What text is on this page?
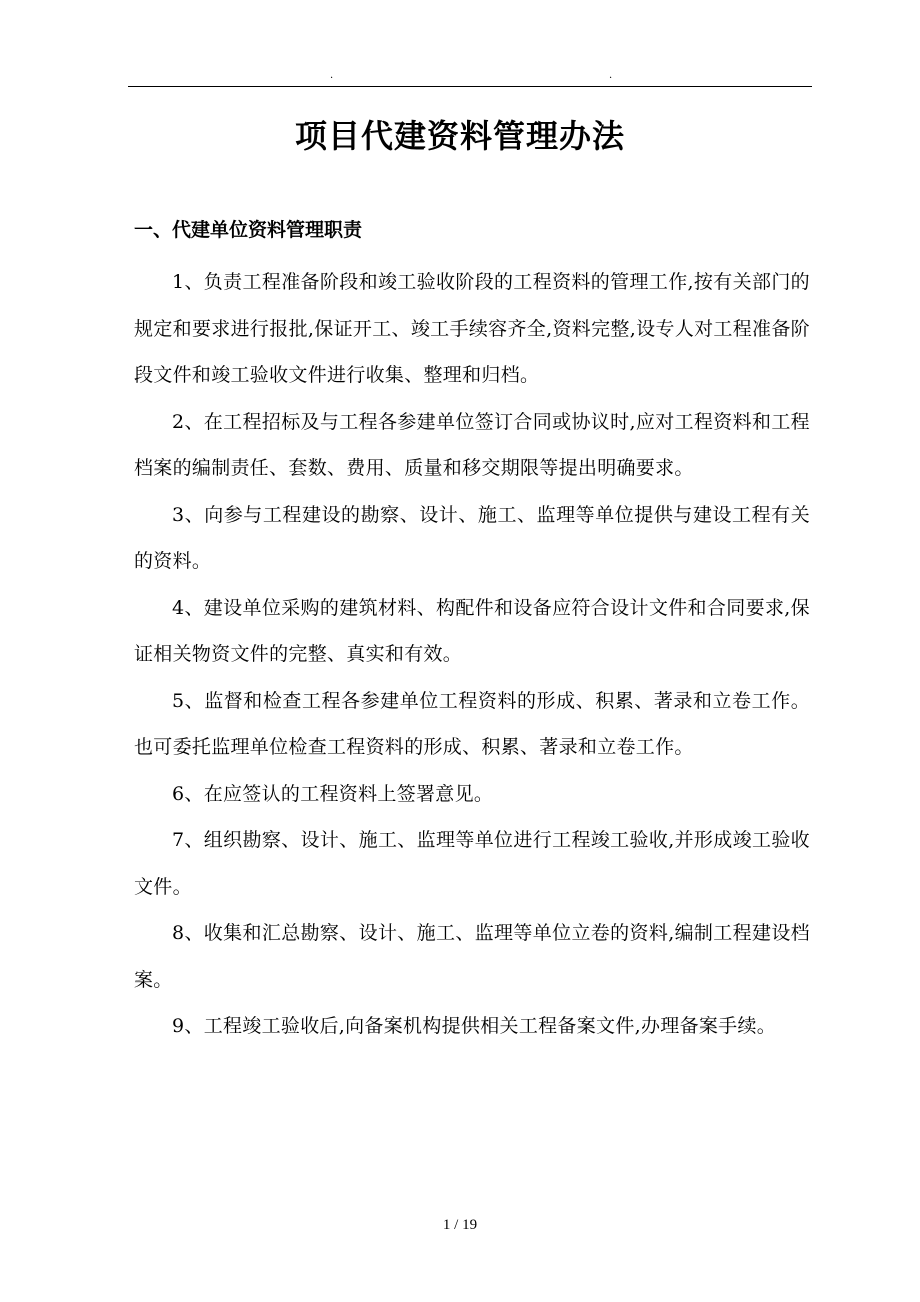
.	.
项目代建资料管理办法
一、代建单位资料管理职责

1、负责工程准备阶段和竣工验收阶段的工程资料的管理工作,按有关部门的规定和要求进行报批,保证开工、竣工手续容齐全,资料完整,设专人对工程准备阶段文件和竣工验收文件进行收集、整理和归档。

2、在工程招标及与工程各参建单位签订合同或协议时,应对工程资料和工程档案的编制责任、套数、费用、质量和移交期限等提出明确要求。

3、向参与工程建设的勘察、设计、施工、监理等单位提供与建设工程有关的资料。

4、建设单位采购的建筑材料、构配件和设备应符合设计文件和合同要求,保证相关物资文件的完整、真实和有效。

5、监督和检查工程各参建单位工程资料的形成、积累、著录和立卷工作。也可委托监理单位检查工程资料的形成、积累、著录和立卷工作。

6、在应签认的工程资料上签署意见。

7、组织勘察、设计、施工、监理等单位进行工程竣工验收,并形成竣工验收文件。

8、收集和汇总勘察、设计、施工、监理等单位立卷的资料,编制工程建设档案。

9、工程竣工验收后,向备案机构提供相关工程备案文件,办理备案手续。

1 / 19
